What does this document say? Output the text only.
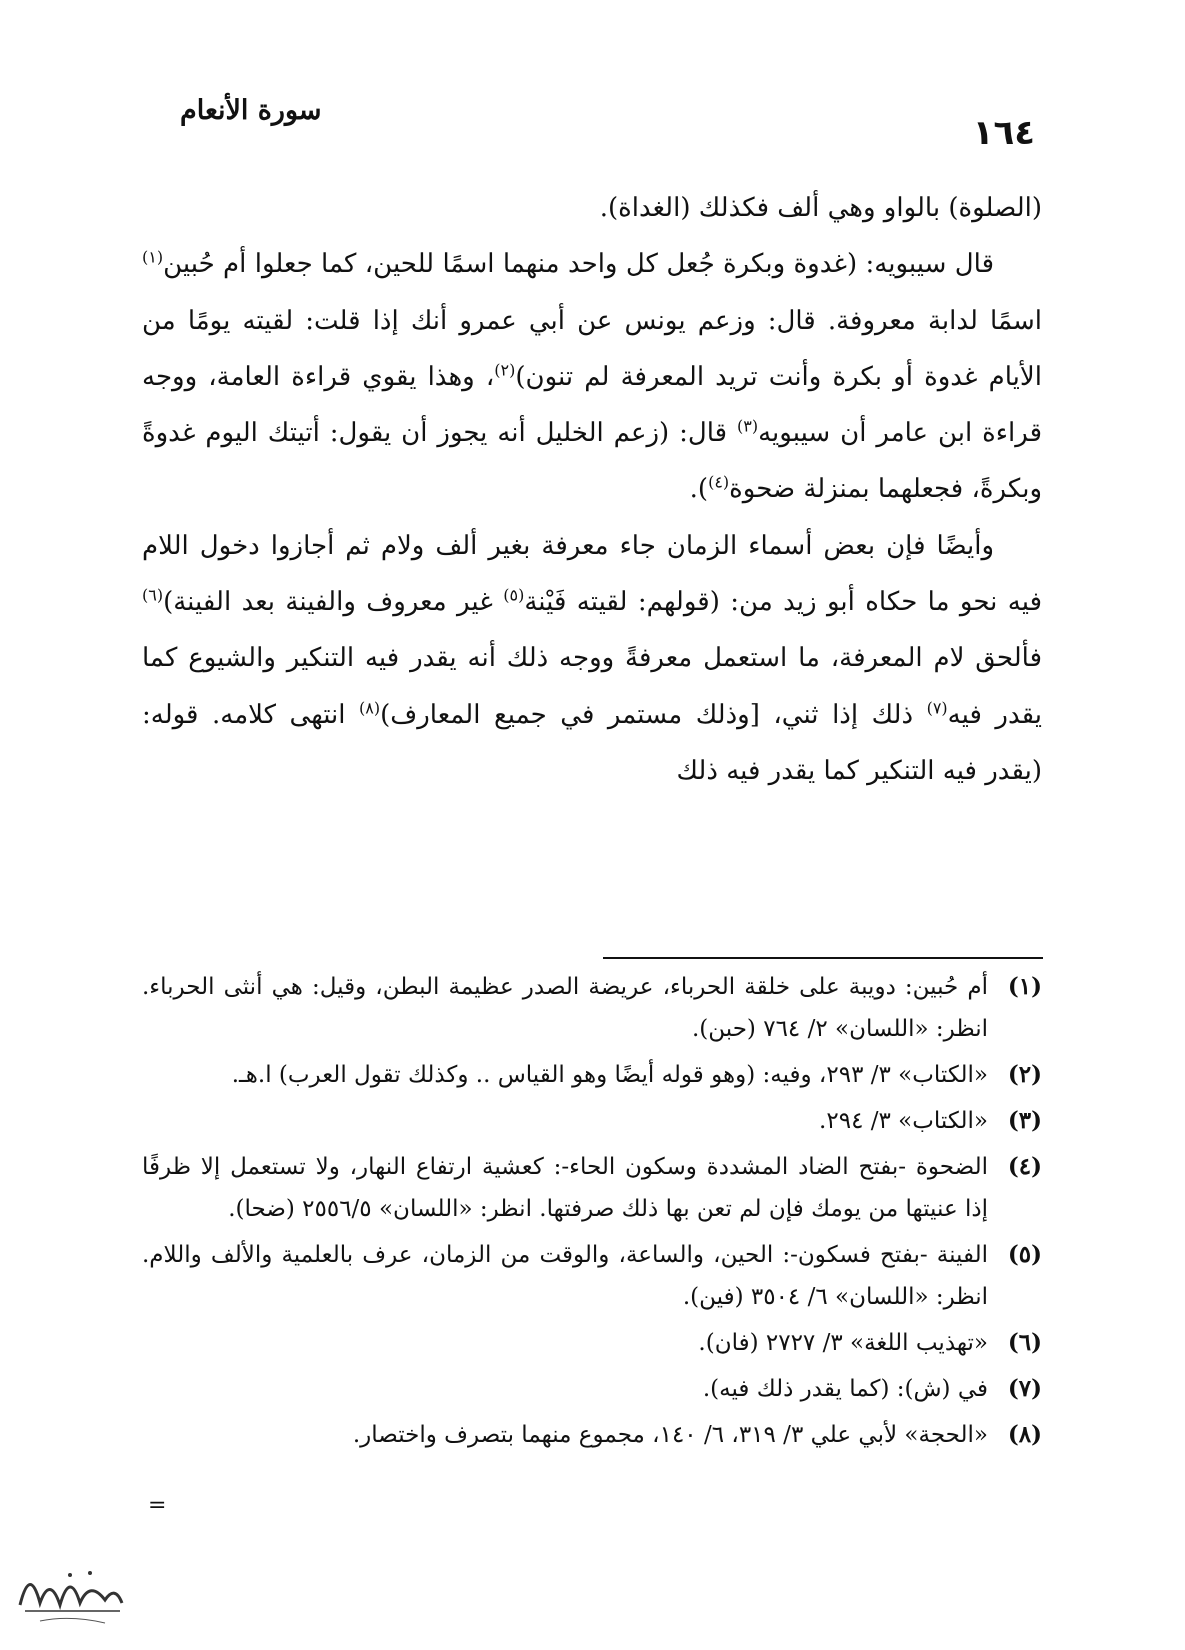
١٦٤
سورة الأنعام

(الصلوة) بالواو وهي ألف فكذلك (الغداة).

قال سيبويه: (غدوة وبكرة جُعل كل واحد منهما اسمًا للحين، كما جعلوا أم حُبين$^{(١)}$ اسمًا لدابة معروفة. قال: وزعم يونس عن أبي عمرو أنك إذا قلت: لقيته يومًا من الأيام غدوة أو بكرة وأنت تريد المعرفة لم تنون)$^{(٢)}$، وهذا يقوي قراءة العامة، ووجه قراءة ابن عامر أن سيبويه$^{(٣)}$ قال: (زعم الخليل أنه يجوز أن يقول: أتيتك اليوم غدوةً وبكرةً، فجعلهما بمنزلة ضحوة$^{(٤)}$).

وأيضًا فإن بعض أسماء الزمان جاء معرفة بغير ألف ولام ثم أجازوا دخول اللام فيه نحو ما حكاه أبو زيد من: (قولهم: لقيته فَيْنة$^{(٥)}$ غير معروف والفينة بعد الفينة)$^{(٦)}$ فألحق لام المعرفة، ما استعمل معرفةً ووجه ذلك أنه يقدر فيه التنكير والشيوع كما يقدر فيه$^{(٧)}$ ذلك إذا ثني، [وذلك مستمر في جميع المعارف)$^{(٨)}$ انتهى كلامه. قوله: (يقدر فيه التنكير كما يقدر فيه ذلك

(١)
أم حُبين: دويبة على خلقة الحرباء، عريضة الصدر عظيمة البطن، وقيل: هي أنثى الحرباء. انظر: «اللسان» ٢/ ٧٦٤ (حبن).
(٢)
«الكتاب» ٣/ ٢٩٣، وفيه: (وهو قوله أيضًا وهو القياس .. وكذلك تقول العرب) ا.هـ.
(٣)
«الكتاب» ٣/ ٢٩٤.
(٤)
الضحوة -بفتح الضاد المشددة وسكون الحاء-: كعشية ارتفاع النهار، ولا تستعمل إلا ظرفًا إذا عنيتها من يومك فإن لم تعن بها ذلك صرفتها. انظر: «اللسان» ٢٥٥٦/٥ (ضحا).
(٥)
الفينة -بفتح فسكون-: الحين، والساعة، والوقت من الزمان، عرف بالعلمية والألف واللام. انظر: «اللسان» ٦/ ٣٥٠٤ (فين).
(٦)
«تهذيب اللغة» ٣/ ٢٧٢٧ (فان).
(٧)
في (ش): (كما يقدر ذلك فيه).
(٨)
«الحجة» لأبي علي ٣/ ٣١٩، ٦/ ١٤٠، مجموع منهما بتصرف واختصار.
=
